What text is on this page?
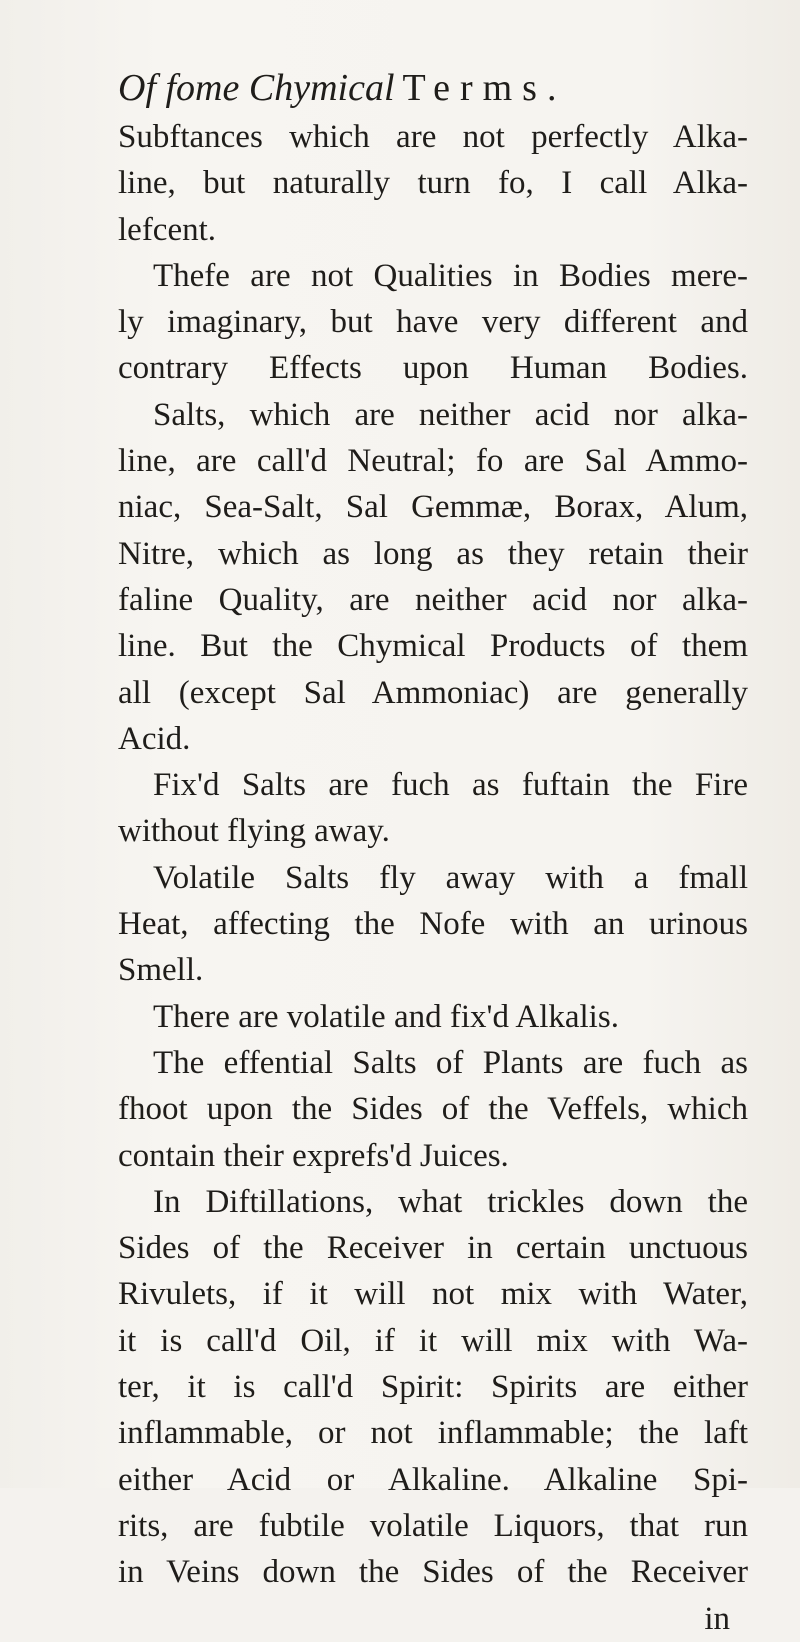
Of fome Chymical Terms.
Subftances which are not perfectly Alka-
line, but naturally turn fo, I call Alka-
lefcent.
Thefe are not Qualities in Bodies mere-
ly imaginary, but have very different and
contrary Effects upon Human Bodies.
Salts, which are neither acid nor alka-
line, are call'd Neutral; fo are Sal Ammo-
niac, Sea-Salt, Sal Gemmæ, Borax, Alum,
Nitre, which as long as they retain their
faline Quality, are neither acid nor alka-
line. But the Chymical Products of them
all (except Sal Ammoniac) are generally
Acid.
Fix'd Salts are fuch as fuftain the Fire
without flying away.
Volatile Salts fly away with a fmall
Heat, affecting the Nofe with an urinous
Smell.
There are volatile and fix'd Alkalis.
The effential Salts of Plants are fuch as
fhoot upon the Sides of the Veffels, which
contain their exprefs'd Juices.
In Diftillations, what trickles down the
Sides of the Receiver in certain unctuous
Rivulets, if it will not mix with Water,
it is call'd Oil, if it will mix with Wa-
ter, it is call'd Spirit: Spirits are either
inflammable, or not inflammable; the laft
either Acid or Alkaline. Alkaline Spi-
rits, are fubtile volatile Liquors, that run
in Veins down the Sides of the Receiver
in
